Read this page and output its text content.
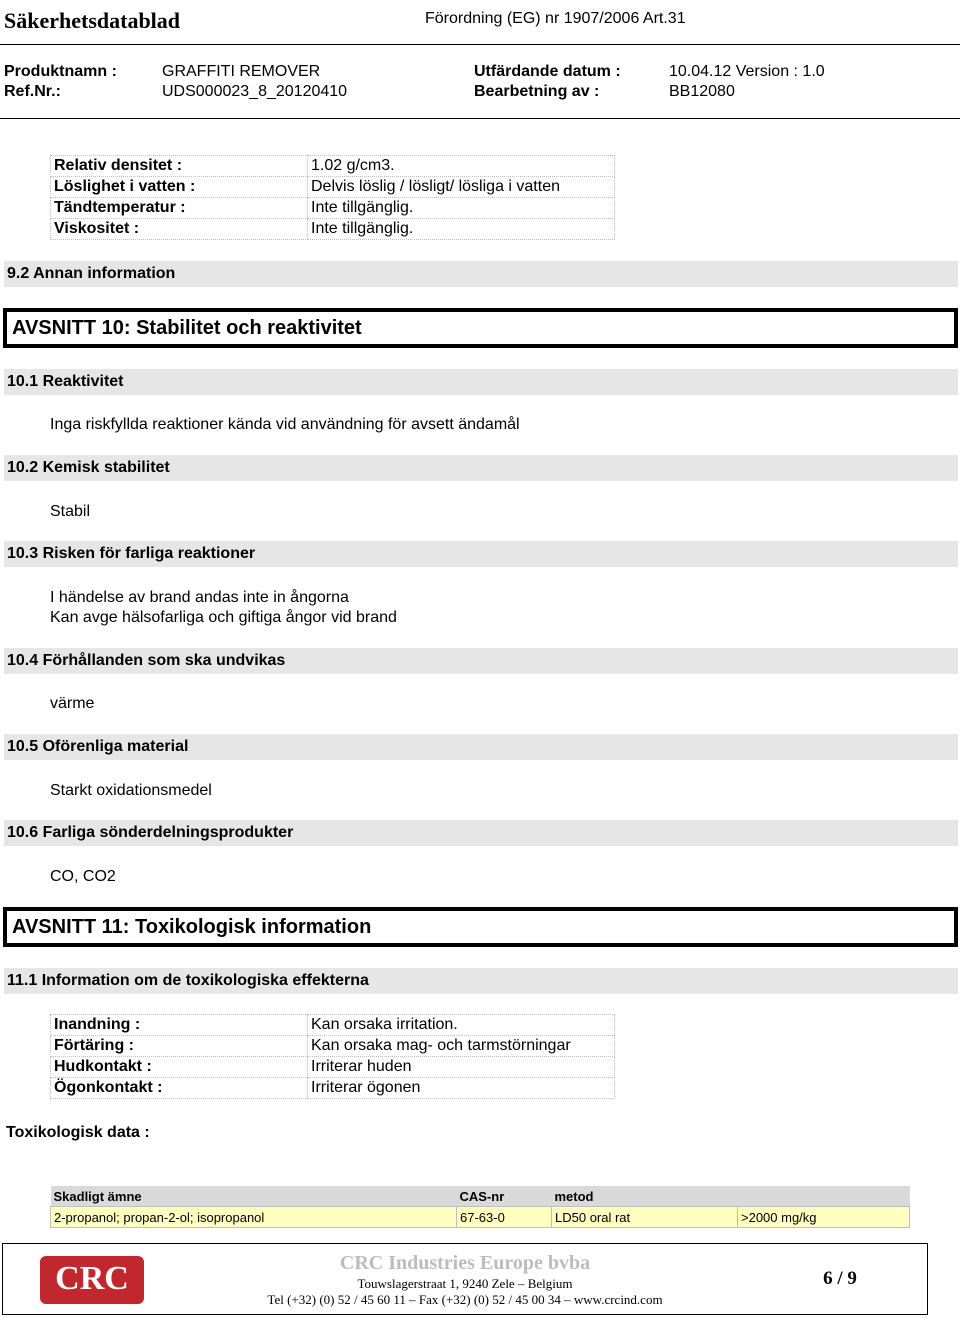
Säkerhetsdatablad	Förordning (EG) nr 1907/2006 Art.31
Produktnamn :	GRAFFITI REMOVER	Utfärdande datum :	10.04.12 Version : 1.0
Ref.Nr.:	UDS000023_8_20120410	Bearbetning av :	BB12080
Relativ densitet :	1.02 g/cm3.
Löslighet i vatten :	Delvis löslig / lösligt/ lösliga i vatten
Tändtemperatur :	Inte tillgänglig.
Viskositet :	Inte tillgänglig.
9.2 Annan information
AVSNITT 10: Stabilitet och reaktivitet
10.1 Reaktivitet
Inga riskfyllda reaktioner kända vid användning för avsett ändamål
10.2 Kemisk stabilitet
Stabil
10.3 Risken för farliga reaktioner
I händelse av brand andas inte in ångorna
Kan avge hälsofarliga och giftiga ångor vid brand
10.4 Förhållanden som ska undvikas
värme
10.5 Oförenliga material
Starkt oxidationsmedel
10.6 Farliga sönderdelningsprodukter
CO, CO2
AVSNITT 11: Toxikologisk information
11.1 Information om de toxikologiska effekterna
Inandning :	Kan orsaka irritation.
Förtäring :	Kan orsaka mag- och tarmstörningar
Hudkontakt :	Irriterar huden
Ögonkontakt :	Irriterar ögonen
Toxikologisk data :
Skadligt ämne	CAS-nr	metod	
2-propanol; propan-2-ol; isopropanol	67-63-0	LD50 oral rat	>2000 mg/kg
CRC	CRC Industries Europe bvba
Touwslagerstraat 1, 9240 Zele – Belgium
Tel (+32) (0) 52 / 45 60 11 – Fax (+32) (0) 52 / 45 00 34 – www.crcind.com
6 / 9
